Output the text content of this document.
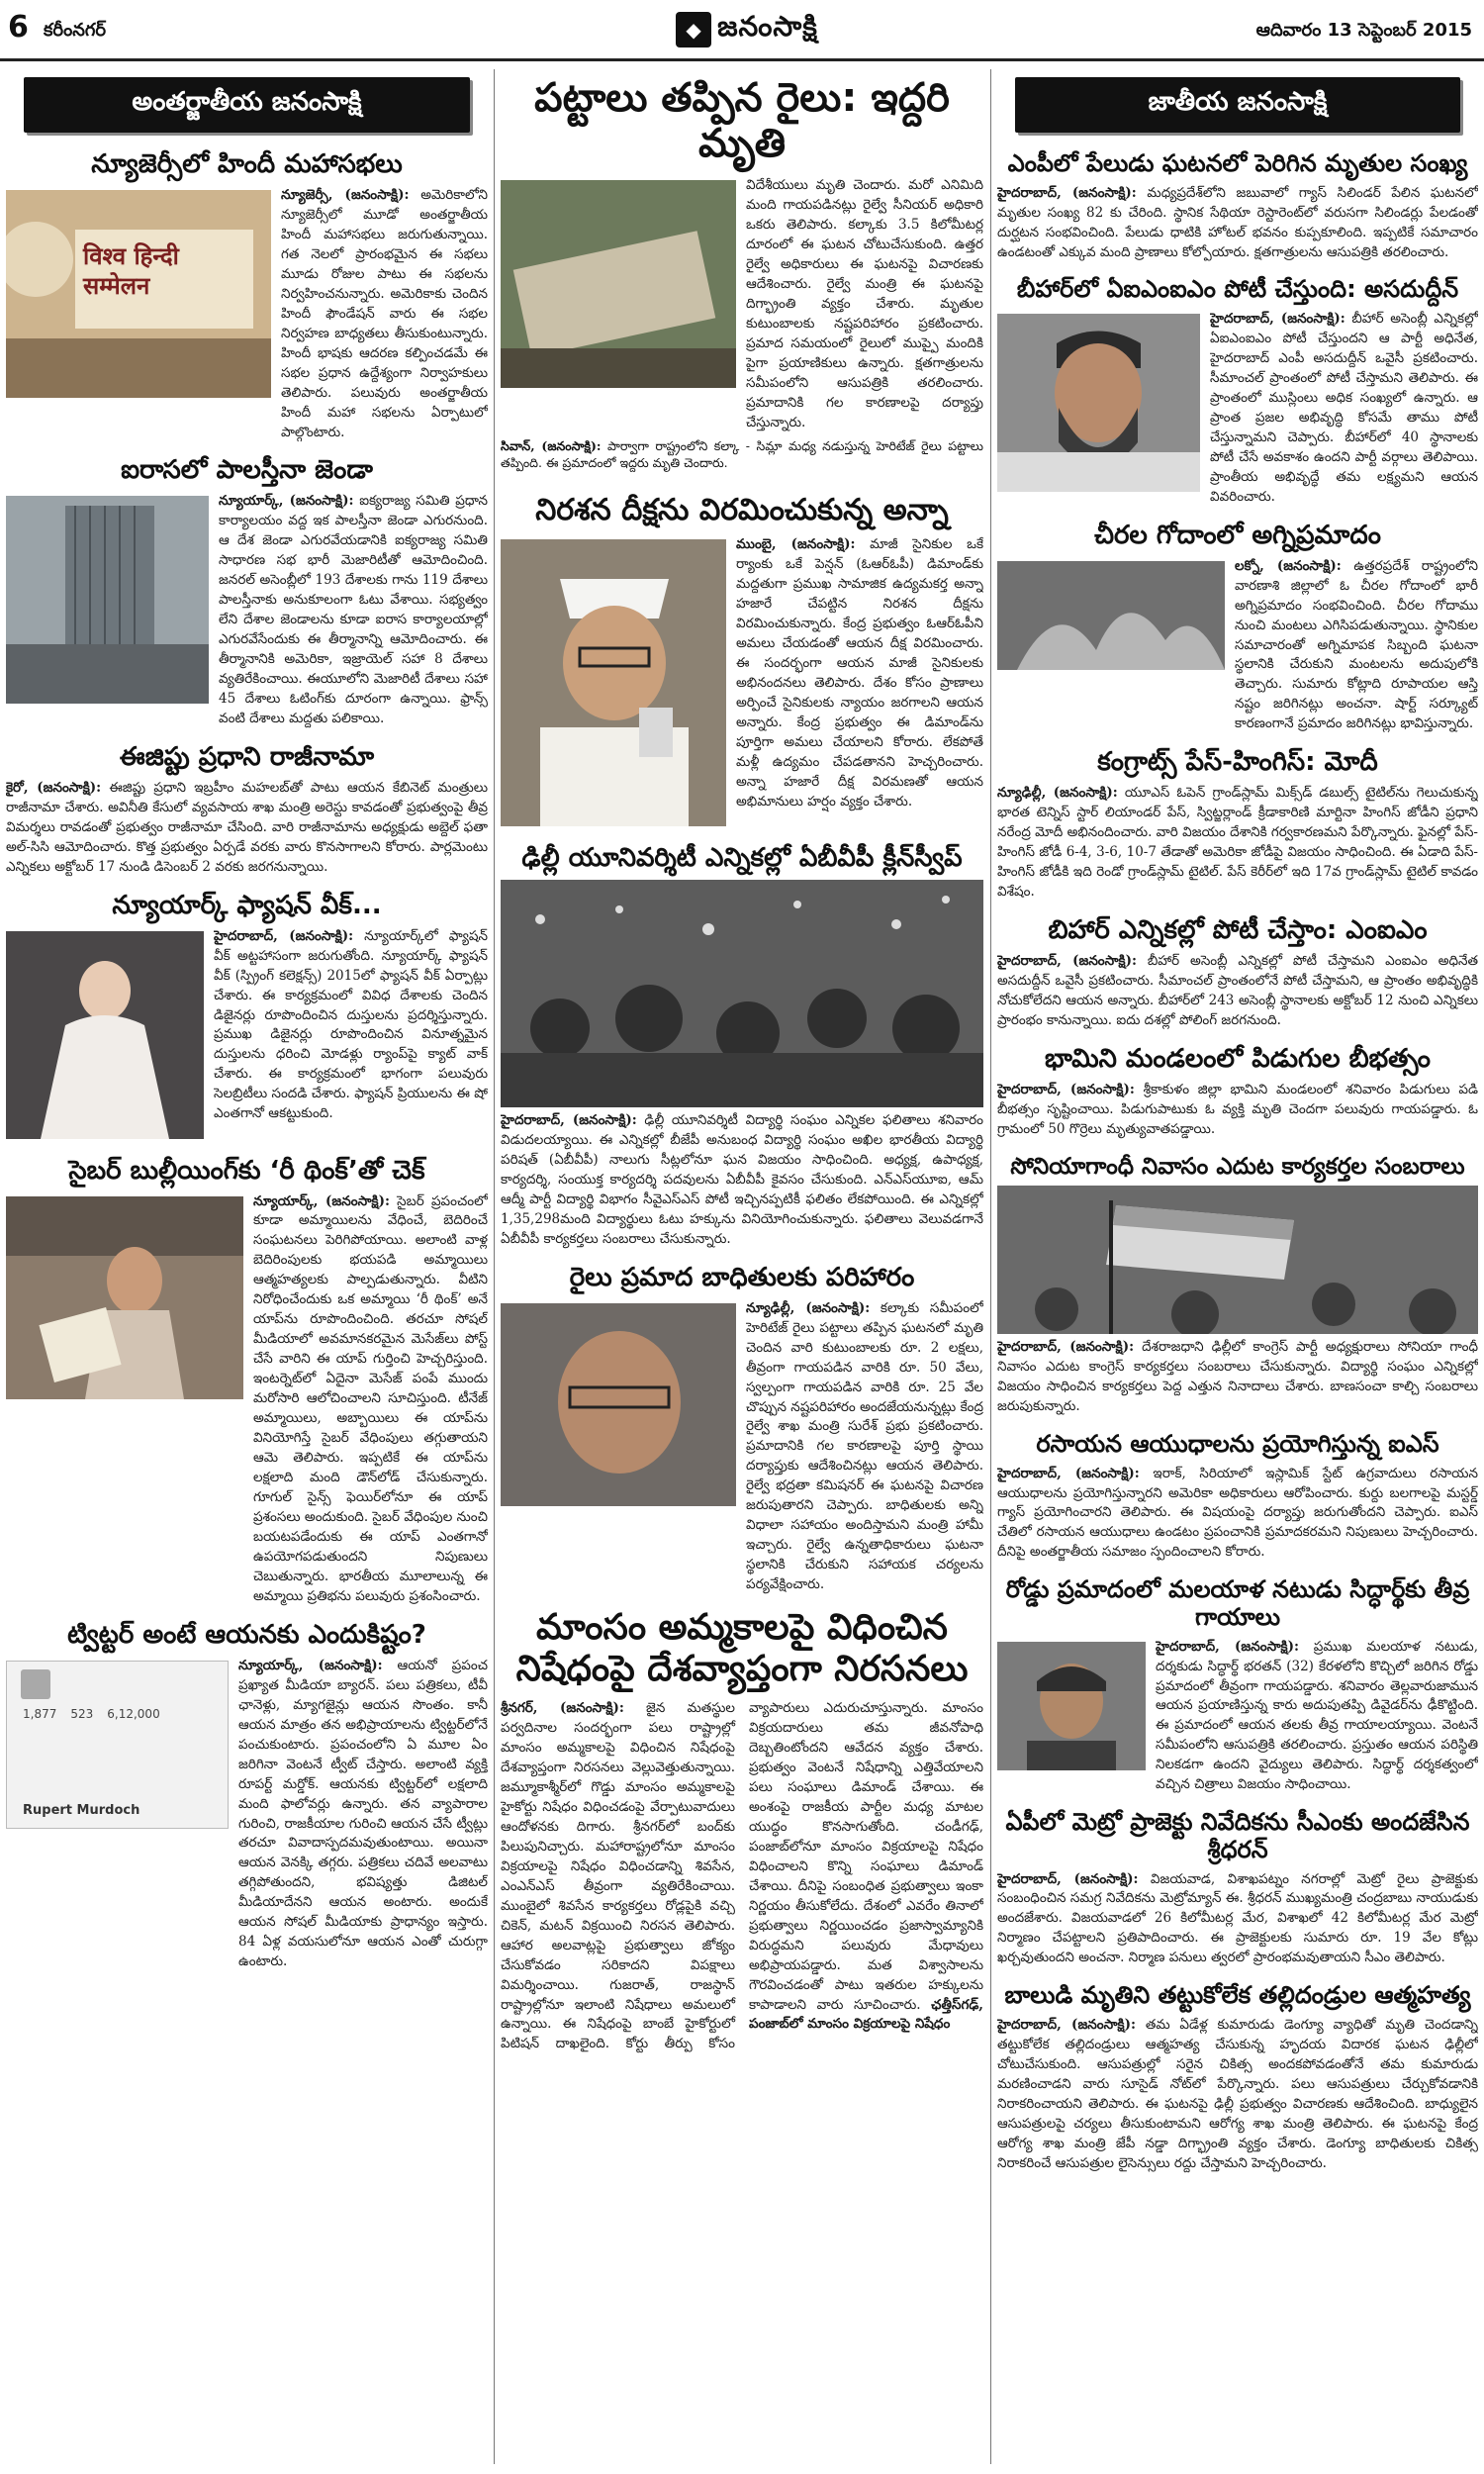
6 కరీంనగర్	◆ జనంసాక్షి	ఆదివారం 13 సెప్టెంబర్ 2015
అంతర్జాతీయ జనంసాక్షి
న్యూజెర్సీలో హిందీ మహాసభలు
विश्व हिन्दी सम्मेलन
న్యూజెర్సీ, (జనంసాక్షి): అమెరికాలోని న్యూజెర్సీలో మూడో అంతర్జాతీయ హిందీ మహాసభలు జరుగుతున్నాయి. గత నెలలో ప్రారంభమైన ఈ సభలు మూడు రోజుల పాటు ఈ సభలను నిర్వహించనున్నారు. అమెరికాకు చెందిన హిందీ ఫౌండేషన్ వారు ఈ సభల నిర్వహణ బాధ్యతలు తీసుకుంటున్నారు. హిందీ భాషకు ఆదరణ కల్పించడమే ఈ సభల ప్రధాన ఉద్దేశ్యంగా నిర్వాహకులు తెలిపారు. పలువురు అంతర్జాతీయ హిందీ మహా సభలను ఏర్పాటులో పాల్గొంటారు.
ఐరాసలో పాలస్తీనా జెండా
న్యూయార్క్, (జనంసాక్షి): ఐక్యరాజ్య సమితి ప్రధాన కార్యాలయం వద్ద ఇక పాలస్తీనా జెండా ఎగురనుంది. ఆ దేశ జెండా ఎగురవేయడానికి ఐక్యరాజ్య సమితి సాధారణ సభ భారీ మెజారిటీతో ఆమోదించింది. జనరల్ అసెంబ్లీలో 193 దేశాలకు గాను 119 దేశాలు పాలస్తీనాకు అనుకూలంగా ఓటు వేశాయి. సభ్యత్వం లేని దేశాల జెండాలను కూడా ఐరాస కార్యాలయాల్లో ఎగురవేసేందుకు ఈ తీర్మానాన్ని ఆమోదించారు. ఈ తీర్మానానికి అమెరికా, ఇజ్రాయెల్ సహా 8 దేశాలు వ్యతిరేకించాయి. ఈయూలోని మెజారిటీ దేశాలు సహా 45 దేశాలు ఓటింగ్‌కు దూరంగా ఉన్నాయి. ఫ్రాన్స్ వంటి దేశాలు మద్దతు పలికాయి.
ఈజిప్టు ప్రధాని రాజీనామా
కైరో, (జనంసాక్షి): ఈజిప్టు ప్రధాని ఇబ్రహీం మహలబ్‌తో పాటు ఆయన కేబినెట్ మంత్రులు రాజీనామా చేశారు. అవినీతి కేసులో వ్యవసాయ శాఖ మంత్రి అరెస్టు కావడంతో ప్రభుత్వంపై తీవ్ర విమర్శలు రావడంతో ప్రభుత్వం రాజీనామా చేసింది. వారి రాజీనామాను అధ్యక్షుడు అబ్దెల్ ఫతా అల్-సిసి ఆమోదించారు. కొత్త ప్రభుత్వం ఏర్పడే వరకు వారు కొనసాగాలని కోరారు. పార్లమెంటు ఎన్నికలు అక్టోబర్ 17 నుండి డిసెంబర్ 2 వరకు జరగనున్నాయి.
న్యూయార్క్ ఫ్యాషన్ వీక్...
హైదరాబాద్, (జనంసాక్షి): న్యూయార్క్‌లో ఫ్యాషన్ వీక్ అట్టహాసంగా జరుగుతోంది. న్యూయార్క్ ఫ్యాషన్ వీక్ (స్ప్రింగ్ కలెక్షన్స్) 2015లో ఫ్యాషన్ వీక్ ఏర్పాట్లు చేశారు. ఈ కార్యక్రమంలో వివిధ దేశాలకు చెందిన డిజైనర్లు రూపొందించిన దుస్తులను ప్రదర్శిస్తున్నారు. ప్రముఖ డిజైనర్లు రూపొందించిన వినూత్నమైన దుస్తులను ధరించి మోడళ్లు ర్యాంప్‌పై క్యాట్ వాక్ చేశారు. ఈ కార్యక్రమంలో భాగంగా పలువురు సెలబ్రిటీలు సందడి చేశారు. ఫ్యాషన్ ప్రియులను ఈ షో ఎంతగానో ఆకట్టుకుంది.
సైబర్ బుల్లీయింగ్‌కు ‘రీ థింక్’తో చెక్
న్యూయార్క్, (జనంసాక్షి): సైబర్ ప్రపంచంలో కూడా అమ్మాయిలను వేధించే, బెదిరించే సంఘటనలు పెరిగిపోయాయి. అలాంటి వాళ్ల బెదిరింపులకు భయపడి అమ్మాయిలు ఆత్మహత్యలకు పాల్పడుతున్నారు. వీటిని నిరోధించేందుకు ఒక అమ్మాయి ‘రీ థింక్’ అనే యాప్‌ను రూపొందించింది. తరచూ సోషల్ మీడియాలో అవమానకరమైన మెసేజ్‌లు పోస్ట్ చేసే వారిని ఈ యాప్ గుర్తించి హెచ్చరిస్తుంది. ఇంటర్నెట్‌లో ఏదైనా మెసేజ్ పంపే ముందు మరోసారి ఆలోచించాలని సూచిస్తుంది. టీనేజ్ అమ్మాయిలు, అబ్బాయిలు ఈ యాప్‌ను వినియోగిస్తే సైబర్ వేధింపులు తగ్గుతాయని ఆమె తెలిపారు. ఇప్పటికే ఈ యాప్‌ను లక్షలాది మంది డౌన్‌లోడ్ చేసుకున్నారు. గూగుల్ సైన్స్ ఫెయిర్‌లోనూ ఈ యాప్ ప్రశంసలు అందుకుంది. సైబర్ వేధింపుల నుంచి బయటపడేందుకు ఈ యాప్ ఎంతగానో ఉపయోగపడుతుందని నిపుణులు చెబుతున్నారు. భారతీయ మూలాలున్న ఈ అమ్మాయి ప్రతిభను పలువురు ప్రశంసించారు.
ట్విట్టర్ అంటే ఆయనకు ఎందుకిష్టం?
1,877 523 6,12,000
Rupert Murdoch
న్యూయార్క్, (జనంసాక్షి): ఆయనో ప్రపంచ ప్రఖ్యాత మీడియా బ్యారన్. పలు పత్రికలు, టీవీ ఛానెళ్లు, మ్యాగజైన్లు ఆయన సొంతం. కానీ ఆయన మాత్రం తన అభిప్రాయాలను ట్విట్టర్‌లోనే పంచుకుంటారు. ప్రపంచంలోని ఏ మూల ఏం జరిగినా వెంటనే ట్వీట్ చేస్తారు. అలాంటి వ్యక్తి రూపర్ట్ మర్డోక్. ఆయనకు ట్విట్టర్‌లో లక్షలాది మంది ఫాలోవర్లు ఉన్నారు. తన వ్యాపారాల గురించి, రాజకీయాల గురించి ఆయన చేసే ట్వీట్లు తరచూ వివాదాస్పదమవుతుంటాయి. అయినా ఆయన వెనక్కి తగ్గరు. పత్రికలు చదివే అలవాటు తగ్గిపోతుందని, భవిష్యత్తు డిజిటల్ మీడియాదేనని ఆయన అంటారు. అందుకే ఆయన సోషల్ మీడియాకు ప్రాధాన్యం ఇస్తారు. 84 ఏళ్ల వయసులోనూ ఆయన ఎంతో చురుగ్గా ఉంటారు.
పట్టాలు తప్పిన రైలు: ఇద్దరి మృతి
విదేశీయులు మృతి చెందారు. మరో ఎనిమిది మంది గాయపడినట్లు రైల్వే సీనియర్ అధికారి ఒకరు తెలిపారు. కల్కాకు 3.5 కిలోమీటర్ల దూరంలో ఈ ఘటన చోటుచేసుకుంది. ఉత్తర రైల్వే అధికారులు ఈ ఘటనపై విచారణకు ఆదేశించారు. రైల్వే మంత్రి ఈ ఘటనపై దిగ్భ్రాంతి వ్యక్తం చేశారు. మృతుల కుటుంబాలకు నష్టపరిహారం ప్రకటించారు. ప్రమాద సమయంలో రైలులో ముప్పై మందికి పైగా ప్రయాణికులు ఉన్నారు. క్షతగాత్రులను సమీపంలోని ఆసుపత్రికి తరలించారు. ప్రమాదానికి గల కారణాలపై దర్యాప్తు చేస్తున్నారు.
సివాన్, (జనంసాక్షి): పార్వాగా రాష్ట్రంలోని కల్కా - సిమ్లా మధ్య నడుస్తున్న హెరిటేజ్ రైలు పట్టాలు తప్పింది. ఈ ప్రమాదంలో ఇద్దరు మృతి చెందారు.
నిరశన దీక్షను విరమించుకున్న అన్నా
ముంబై, (జనంసాక్షి): మాజీ సైనికుల ఒకే ర్యాంకు ఒకే పెన్షన్ (ఓఆర్ఓపీ) డిమాండ్‌కు మద్దతుగా ప్రముఖ సామాజిక ఉద్యమకర్త అన్నా హజారే చేపట్టిన నిరశన దీక్షను విరమించుకున్నారు. కేంద్ర ప్రభుత్వం ఓఆర్ఓపీని అమలు చేయడంతో ఆయన దీక్ష విరమించారు. ఈ సందర్భంగా ఆయన మాజీ సైనికులకు అభినందనలు తెలిపారు. దేశం కోసం ప్రాణాలు అర్పించే సైనికులకు న్యాయం జరగాలని ఆయన అన్నారు. కేంద్ర ప్రభుత్వం ఈ డిమాండ్‌ను పూర్తిగా అమలు చేయాలని కోరారు. లేకపోతే మళ్లీ ఉద్యమం చేపడతానని హెచ్చరించారు. అన్నా హజారే దీక్ష విరమణతో ఆయన అభిమానులు హర్షం వ్యక్తం చేశారు.
ఢిల్లీ యూనివర్శిటీ ఎన్నికల్లో ఏబీవీపీ క్లీన్‌స్వీప్
హైదరాబాద్, (జనంసాక్షి): ఢిల్లీ యూనివర్శిటీ విద్యార్థి సంఘం ఎన్నికల ఫలితాలు శనివారం విడుదలయ్యాయి. ఈ ఎన్నికల్లో బీజేపీ అనుబంధ విద్యార్థి సంఘం అఖిల భారతీయ విద్యార్థి పరిషత్ (ఏబీవీపీ) నాలుగు సీట్లలోనూ ఘన విజయం సాధించింది. అధ్యక్ష, ఉపాధ్యక్ష, కార్యదర్శి, సంయుక్త కార్యదర్శి పదవులను ఏబీవీపీ కైవసం చేసుకుంది. ఎన్ఎస్‌యూఐ, ఆమ్ ఆద్మీ పార్టీ విద్యార్థి విభాగం సీవైఎస్‌ఎస్ పోటీ ఇచ్చినప్పటికీ ఫలితం లేకపోయింది. ఈ ఎన్నికల్లో 1,35,298మంది విద్యార్థులు ఓటు హక్కును వినియోగించుకున్నారు. ఫలితాలు వెలువడగానే ఏబీవీపీ కార్యకర్తలు సంబరాలు చేసుకున్నారు.
రైలు ప్రమాద బాధితులకు పరిహారం
న్యూఢిల్లీ, (జనంసాక్షి): కల్కాకు సమీపంలో హెరిటేజ్ రైలు పట్టాలు తప్పిన ఘటనలో మృతి చెందిన వారి కుటుంబాలకు రూ. 2 లక్షలు, తీవ్రంగా గాయపడిన వారికి రూ. 50 వేలు, స్వల్పంగా గాయపడిన వారికి రూ. 25 వేల చొప్పున నష్టపరిహారం అందజేయనున్నట్లు కేంద్ర రైల్వే శాఖ మంత్రి సురేశ్ ప్రభు ప్రకటించారు. ప్రమాదానికి గల కారణాలపై పూర్తి స్థాయి దర్యాప్తుకు ఆదేశించినట్లు ఆయన తెలిపారు. రైల్వే భద్రతా కమిషనర్ ఈ ఘటనపై విచారణ జరుపుతారని చెప్పారు. బాధితులకు అన్ని విధాలా సహాయం అందిస్తామని మంత్రి హామీ ఇచ్చారు. రైల్వే ఉన్నతాధికారులు ఘటనా స్థలానికి చేరుకుని సహాయక చర్యలను పర్యవేక్షించారు.
మాంసం అమ్మకాలపై విధించిన నిషేధంపై దేశవ్యాప్తంగా నిరసనలు
శ్రీనగర్, (జనంసాక్షి): జైన మతస్థుల పర్వదినాల సందర్భంగా పలు రాష్ట్రాల్లో మాంసం అమ్మకాలపై విధించిన నిషేధంపై దేశవ్యాప్తంగా నిరసనలు వెల్లువెత్తుతున్నాయి. జమ్మూకాశ్మీర్‌లో గొడ్డు మాంసం అమ్మకాలపై హైకోర్టు నిషేధం విధించడంపై వేర్పాటువాదులు ఆందోళనకు దిగారు. శ్రీనగర్‌లో బంద్‌కు పిలుపునిచ్చారు. మహారాష్ట్రలోనూ మాంసం విక్రయాలపై నిషేధం విధించడాన్ని శివసేన, ఎంఎన్ఎస్ తీవ్రంగా వ్యతిరేకించాయి. ముంబైలో శివసేన కార్యకర్తలు రోడ్లపైకి వచ్చి చికెన్, మటన్ విక్రయించి నిరసన తెలిపారు. ఆహార అలవాట్లపై ప్రభుత్వాలు జోక్యం చేసుకోవడం సరికాదని విపక్షాలు విమర్శించాయి. గుజరాత్, రాజస్థాన్ రాష్ట్రాల్లోనూ ఇలాంటి నిషేధాలు అమలులో ఉన్నాయి. ఈ నిషేధంపై బాంబే హైకోర్టులో పిటిషన్ దాఖలైంది. కోర్టు తీర్పు కోసం వ్యాపారులు ఎదురుచూస్తున్నారు. మాంసం విక్రయదారులు తమ జీవనోపాధి దెబ్బతింటోందని ఆవేదన వ్యక్తం చేశారు. ప్రభుత్వం వెంటనే నిషేధాన్ని ఎత్తివేయాలని పలు సంఘాలు డిమాండ్ చేశాయి. ఈ అంశంపై రాజకీయ పార్టీల మధ్య మాటల యుద్ధం కొనసాగుతోంది. చండీగఢ్, పంజాబ్‌లోనూ మాంసం విక్రయాలపై నిషేధం విధించాలని కొన్ని సంఘాలు డిమాండ్ చేశాయి. దీనిపై సంబంధిత ప్రభుత్వాలు ఇంకా నిర్ణయం తీసుకోలేదు. దేశంలో ఎవరేం తినాలో ప్రభుత్వాలు నిర్ణయించడం ప్రజాస్వామ్యానికి విరుద్ధమని పలువురు మేధావులు అభిప్రాయపడ్డారు. మత విశ్వాసాలను గౌరవించడంతో పాటు ఇతరుల హక్కులను కాపాడాలని వారు సూచించారు. ఛత్తీస్‌గఢ్, పంజాబ్‌లో మాంసం విక్రయాలపై నిషేధం
జాతీయ జనంసాక్షి
ఎంపీలో పేలుడు ఘటనలో పెరిగిన మృతుల సంఖ్య
హైదరాబాద్, (జనంసాక్షి): మధ్యప్రదేశ్‌లోని జబువాలో గ్యాస్ సిలిండర్ పేలిన ఘటనలో మృతుల సంఖ్య 82 కు చేరింది. స్థానిక సేథియా రెస్టారెంట్‌లో వరుసగా సిలిండర్లు పేలడంతో దుర్ఘటన సంభవించింది. పేలుడు ధాటికి హోటల్ భవనం కుప్పకూలింది. ఇప్పటికే సమాచారం ఉండటంతో ఎక్కువ మంది ప్రాణాలు కోల్పోయారు. క్షతగాత్రులను ఆసుపత్రికి తరలించారు.
బీహార్‌లో ఏఐఎంఐఎం పోటీ చేస్తుంది: అసదుద్దీన్
హైదరాబాద్, (జనంసాక్షి): బీహార్ అసెంబ్లీ ఎన్నికల్లో ఏఐఎంఐఎం పోటీ చేస్తుందని ఆ పార్టీ అధినేత, హైదరాబాద్ ఎంపీ అసదుద్దీన్ ఒవైసీ ప్రకటించారు. సీమాంచల్ ప్రాంతంలో పోటీ చేస్తామని తెలిపారు. ఈ ప్రాంతంలో ముస్లింలు అధిక సంఖ్యలో ఉన్నారు. ఆ ప్రాంత ప్రజల అభివృద్ధి కోసమే తాము పోటీ చేస్తున్నామని చెప్పారు. బీహార్‌లో 40 స్థానాలకు పోటీ చేసే అవకాశం ఉందని పార్టీ వర్గాలు తెలిపాయి. ప్రాంతీయ అభివృద్ధే తమ లక్ష్యమని ఆయన వివరించారు.
చీరల గోదాంలో అగ్నిప్రమాదం
లక్నో, (జనంసాక్షి): ఉత్తరప్రదేశ్ రాష్ట్రంలోని వారణాశి జిల్లాలో ఓ చీరల గోదాంలో భారీ అగ్నిప్రమాదం సంభవించింది. చీరల గోదాము నుంచి మంటలు ఎగిసిపడుతున్నాయి. స్థానికుల సమాచారంతో అగ్నిమాపక సిబ్బంది ఘటనా స్థలానికి చేరుకుని మంటలను అదుపులోకి తెచ్చారు. సుమారు కోట్లాది రూపాయల ఆస్తి నష్టం జరిగినట్లు అంచనా. షార్ట్ సర్క్యూట్ కారణంగానే ప్రమాదం జరిగినట్లు భావిస్తున్నారు.
కంగ్రాట్స్ పేస్-హింగిస్: మోదీ
న్యూఢిల్లీ, (జనంసాక్షి): యూఎస్ ఓపెన్ గ్రాండ్‌స్లామ్ మిక్స్‌డ్ డబుల్స్ టైటిల్‌ను గెలుచుకున్న భారత టెన్నిస్ స్టార్ లియాండర్ పేస్, స్విట్జర్లాండ్ క్రీడాకారిణి మార్టినా హింగిస్ జోడీని ప్రధాని నరేంద్ర మోదీ అభినందించారు. వారి విజయం దేశానికి గర్వకారణమని పేర్కొన్నారు. ఫైనల్లో పేస్-హింగిస్ జోడీ 6-4, 3-6, 10-7 తేడాతో అమెరికా జోడీపై విజయం సాధించింది. ఈ ఏడాది పేస్-హింగిస్ జోడీకి ఇది రెండో గ్రాండ్‌స్లామ్ టైటిల్. పేస్ కెరీర్‌లో ఇది 17వ గ్రాండ్‌స్లామ్ టైటిల్ కావడం విశేషం.
బిహార్ ఎన్నికల్లో పోటీ చేస్తాం: ఎంఐఎం
హైదరాబాద్, (జనంసాక్షి): బీహార్ అసెంబ్లీ ఎన్నికల్లో పోటీ చేస్తామని ఎంఐఎం అధినేత అసదుద్దీన్ ఒవైసీ ప్రకటించారు. సీమాంచల్ ప్రాంతంలోనే పోటీ చేస్తామని, ఆ ప్రాంతం అభివృద్ధికి నోచుకోలేదని ఆయన అన్నారు. బీహార్‌లో 243 అసెంబ్లీ స్థానాలకు అక్టోబర్ 12 నుంచి ఎన్నికలు ప్రారంభం కానున్నాయి. ఐదు దశల్లో పోలింగ్ జరగనుంది.
భామిని మండలంలో పిడుగుల బీభత్సం
హైదరాబాద్, (జనంసాక్షి): శ్రీకాకుళం జిల్లా భామిని మండలంలో శనివారం పిడుగులు పడి బీభత్సం సృష్టించాయి. పిడుగుపాటుకు ఓ వ్యక్తి మృతి చెందగా పలువురు గాయపడ్డారు. ఓ గ్రామంలో 50 గొర్రెలు మృత్యువాతపడ్డాయి.
సోనియాగాంధీ నివాసం ఎదుట కార్యకర్తల సంబరాలు
హైదరాబాద్, (జనంసాక్షి): దేశరాజధాని ఢిల్లీలో కాంగ్రెస్ పార్టీ అధ్యక్షురాలు సోనియా గాంధీ నివాసం ఎదుట కాంగ్రెస్ కార్యకర్తలు సంబరాలు చేసుకున్నారు. విద్యార్థి సంఘం ఎన్నికల్లో విజయం సాధించిన కార్యకర్తలు పెద్ద ఎత్తున నినాదాలు చేశారు. బాణసంచా కాల్చి సంబరాలు జరుపుకున్నారు.
రసాయన ఆయుధాలను ప్రయోగిస్తున్న ఐఎస్
హైదరాబాద్, (జనంసాక్షి): ఇరాక్, సిరియాలో ఇస్లామిక్ స్టేట్ ఉగ్రవాదులు రసాయన ఆయుధాలను ప్రయోగిస్తున్నారని అమెరికా అధికారులు ఆరోపించారు. కుర్దు బలగాలపై మస్టర్డ్ గ్యాస్ ప్రయోగించారని తెలిపారు. ఈ విషయంపై దర్యాప్తు జరుగుతోందని చెప్పారు. ఐఎస్ చేతిలో రసాయన ఆయుధాలు ఉండటం ప్రపంచానికి ప్రమాదకరమని నిపుణులు హెచ్చరించారు. దీనిపై అంతర్జాతీయ సమాజం స్పందించాలని కోరారు.
రోడ్డు ప్రమాదంలో మలయాళ నటుడు సిద్ధార్థ్‌కు తీవ్ర గాయాలు
హైదరాబాద్, (జనంసాక్షి): ప్రముఖ మలయాళ నటుడు, దర్శకుడు సిద్ధార్థ్ భరతన్ (32) కేరళలోని కొచ్చిలో జరిగిన రోడ్డు ప్రమాదంలో తీవ్రంగా గాయపడ్డారు. శనివారం తెల్లవారుజామున ఆయన ప్రయాణిస్తున్న కారు అదుపుతప్పి డివైడర్‌ను ఢీకొట్టింది. ఈ ప్రమాదంలో ఆయన తలకు తీవ్ర గాయాలయ్యాయి. వెంటనే సమీపంలోని ఆసుపత్రికి తరలించారు. ప్రస్తుతం ఆయన పరిస్థితి నిలకడగా ఉందని వైద్యులు తెలిపారు. సిద్ధార్థ్ దర్శకత్వంలో వచ్చిన చిత్రాలు విజయం సాధించాయి.
ఏపీలో మెట్రో ప్రాజెక్టు నివేదికను సీఎంకు అందజేసిన శ్రీధరన్
హైదరాబాద్, (జనంసాక్షి): విజయవాడ, విశాఖపట్నం నగరాల్లో మెట్రో రైలు ప్రాజెక్టుకు సంబంధించిన సమగ్ర నివేదికను మెట్రోమ్యాన్ ఈ. శ్రీధరన్ ముఖ్యమంత్రి చంద్రబాబు నాయుడుకు అందజేశారు. విజయవాడలో 26 కిలోమీటర్ల మేర, విశాఖలో 42 కిలోమీటర్ల మేర మెట్రో నిర్మాణం చేపట్టాలని ప్రతిపాదించారు. ఈ ప్రాజెక్టులకు సుమారు రూ. 19 వేల కోట్లు ఖర్చవుతుందని అంచనా. నిర్మాణ పనులు త్వరలో ప్రారంభమవుతాయని సీఎం తెలిపారు.
బాలుడి మృతిని తట్టుకోలేక తల్లిదండ్రుల ఆత్మహత్య
హైదరాబాద్, (జనంసాక్షి): తమ ఏడేళ్ల కుమారుడు డెంగ్యూ వ్యాధితో మృతి చెందడాన్ని తట్టుకోలేక తల్లిదండ్రులు ఆత్మహత్య చేసుకున్న హృదయ విదారక ఘటన ఢిల్లీలో చోటుచేసుకుంది. ఆసుపత్రుల్లో సరైన చికిత్స అందకపోవడంతోనే తమ కుమారుడు మరణించాడని వారు సూసైడ్ నోట్‌లో పేర్కొన్నారు. పలు ఆసుపత్రులు చేర్చుకోవడానికి నిరాకరించాయని తెలిపారు. ఈ ఘటనపై ఢిల్లీ ప్రభుత్వం విచారణకు ఆదేశించింది. బాధ్యులైన ఆసుపత్రులపై చర్యలు తీసుకుంటామని ఆరోగ్య శాఖ మంత్రి తెలిపారు. ఈ ఘటనపై కేంద్ర ఆరోగ్య శాఖ మంత్రి జేపీ నడ్డా దిగ్భ్రాంతి వ్యక్తం చేశారు. డెంగ్యూ బాధితులకు చికిత్స నిరాకరించే ఆసుపత్రుల లైసెన్సులు రద్దు చేస్తామని హెచ్చరించారు.
